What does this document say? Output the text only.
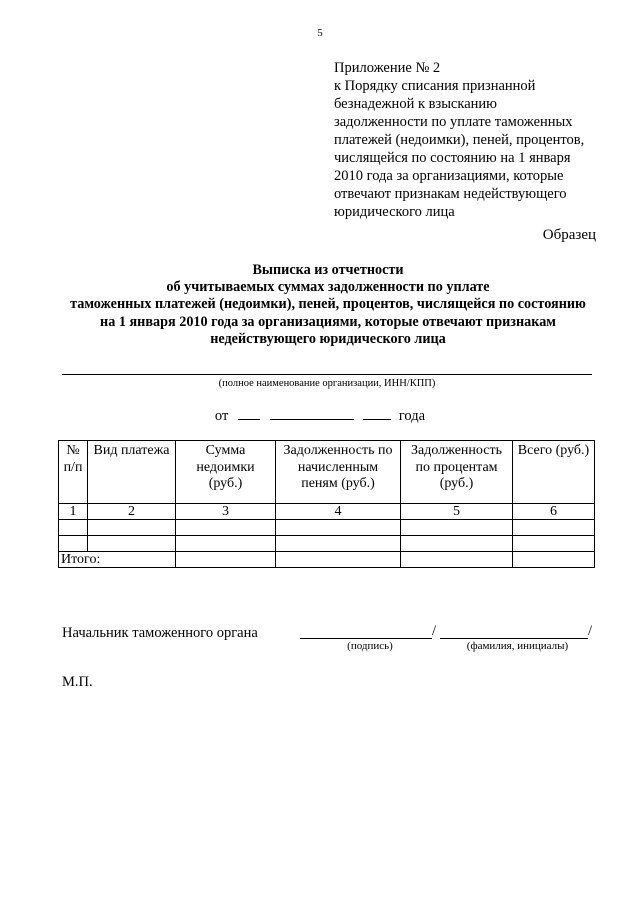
5
Приложение № 2
к Порядку списания признанной
безнадежной к взысканию
задолженности по уплате таможенных
платежей (недоимки), пеней, процентов,
числящейся по состоянию на 1 января
2010 года за организациями, которые
отвечают признакам недействующего
юридического лица
Образец
Выписка из отчетности
об учитываемых суммах задолженности по уплате
таможенных платежей (недоимки), пеней, процентов, числящейся по состоянию
на 1 января 2010 года за организациями, которые отвечают признакам
недействующего юридического лица
(полное наименование организации, ИНН/КПП)
от	года
№ п/п	Вид платежа	Сумма недоимки (руб.)	Задолженность по начисленным пеням (руб.)	Задолженность по процентам (руб.)	Всего (руб.)
1	2	3	4	5	6

Итого:					
Начальник таможенного органа	/	/
(подпись)	(фамилия, инициалы)
М.П.
